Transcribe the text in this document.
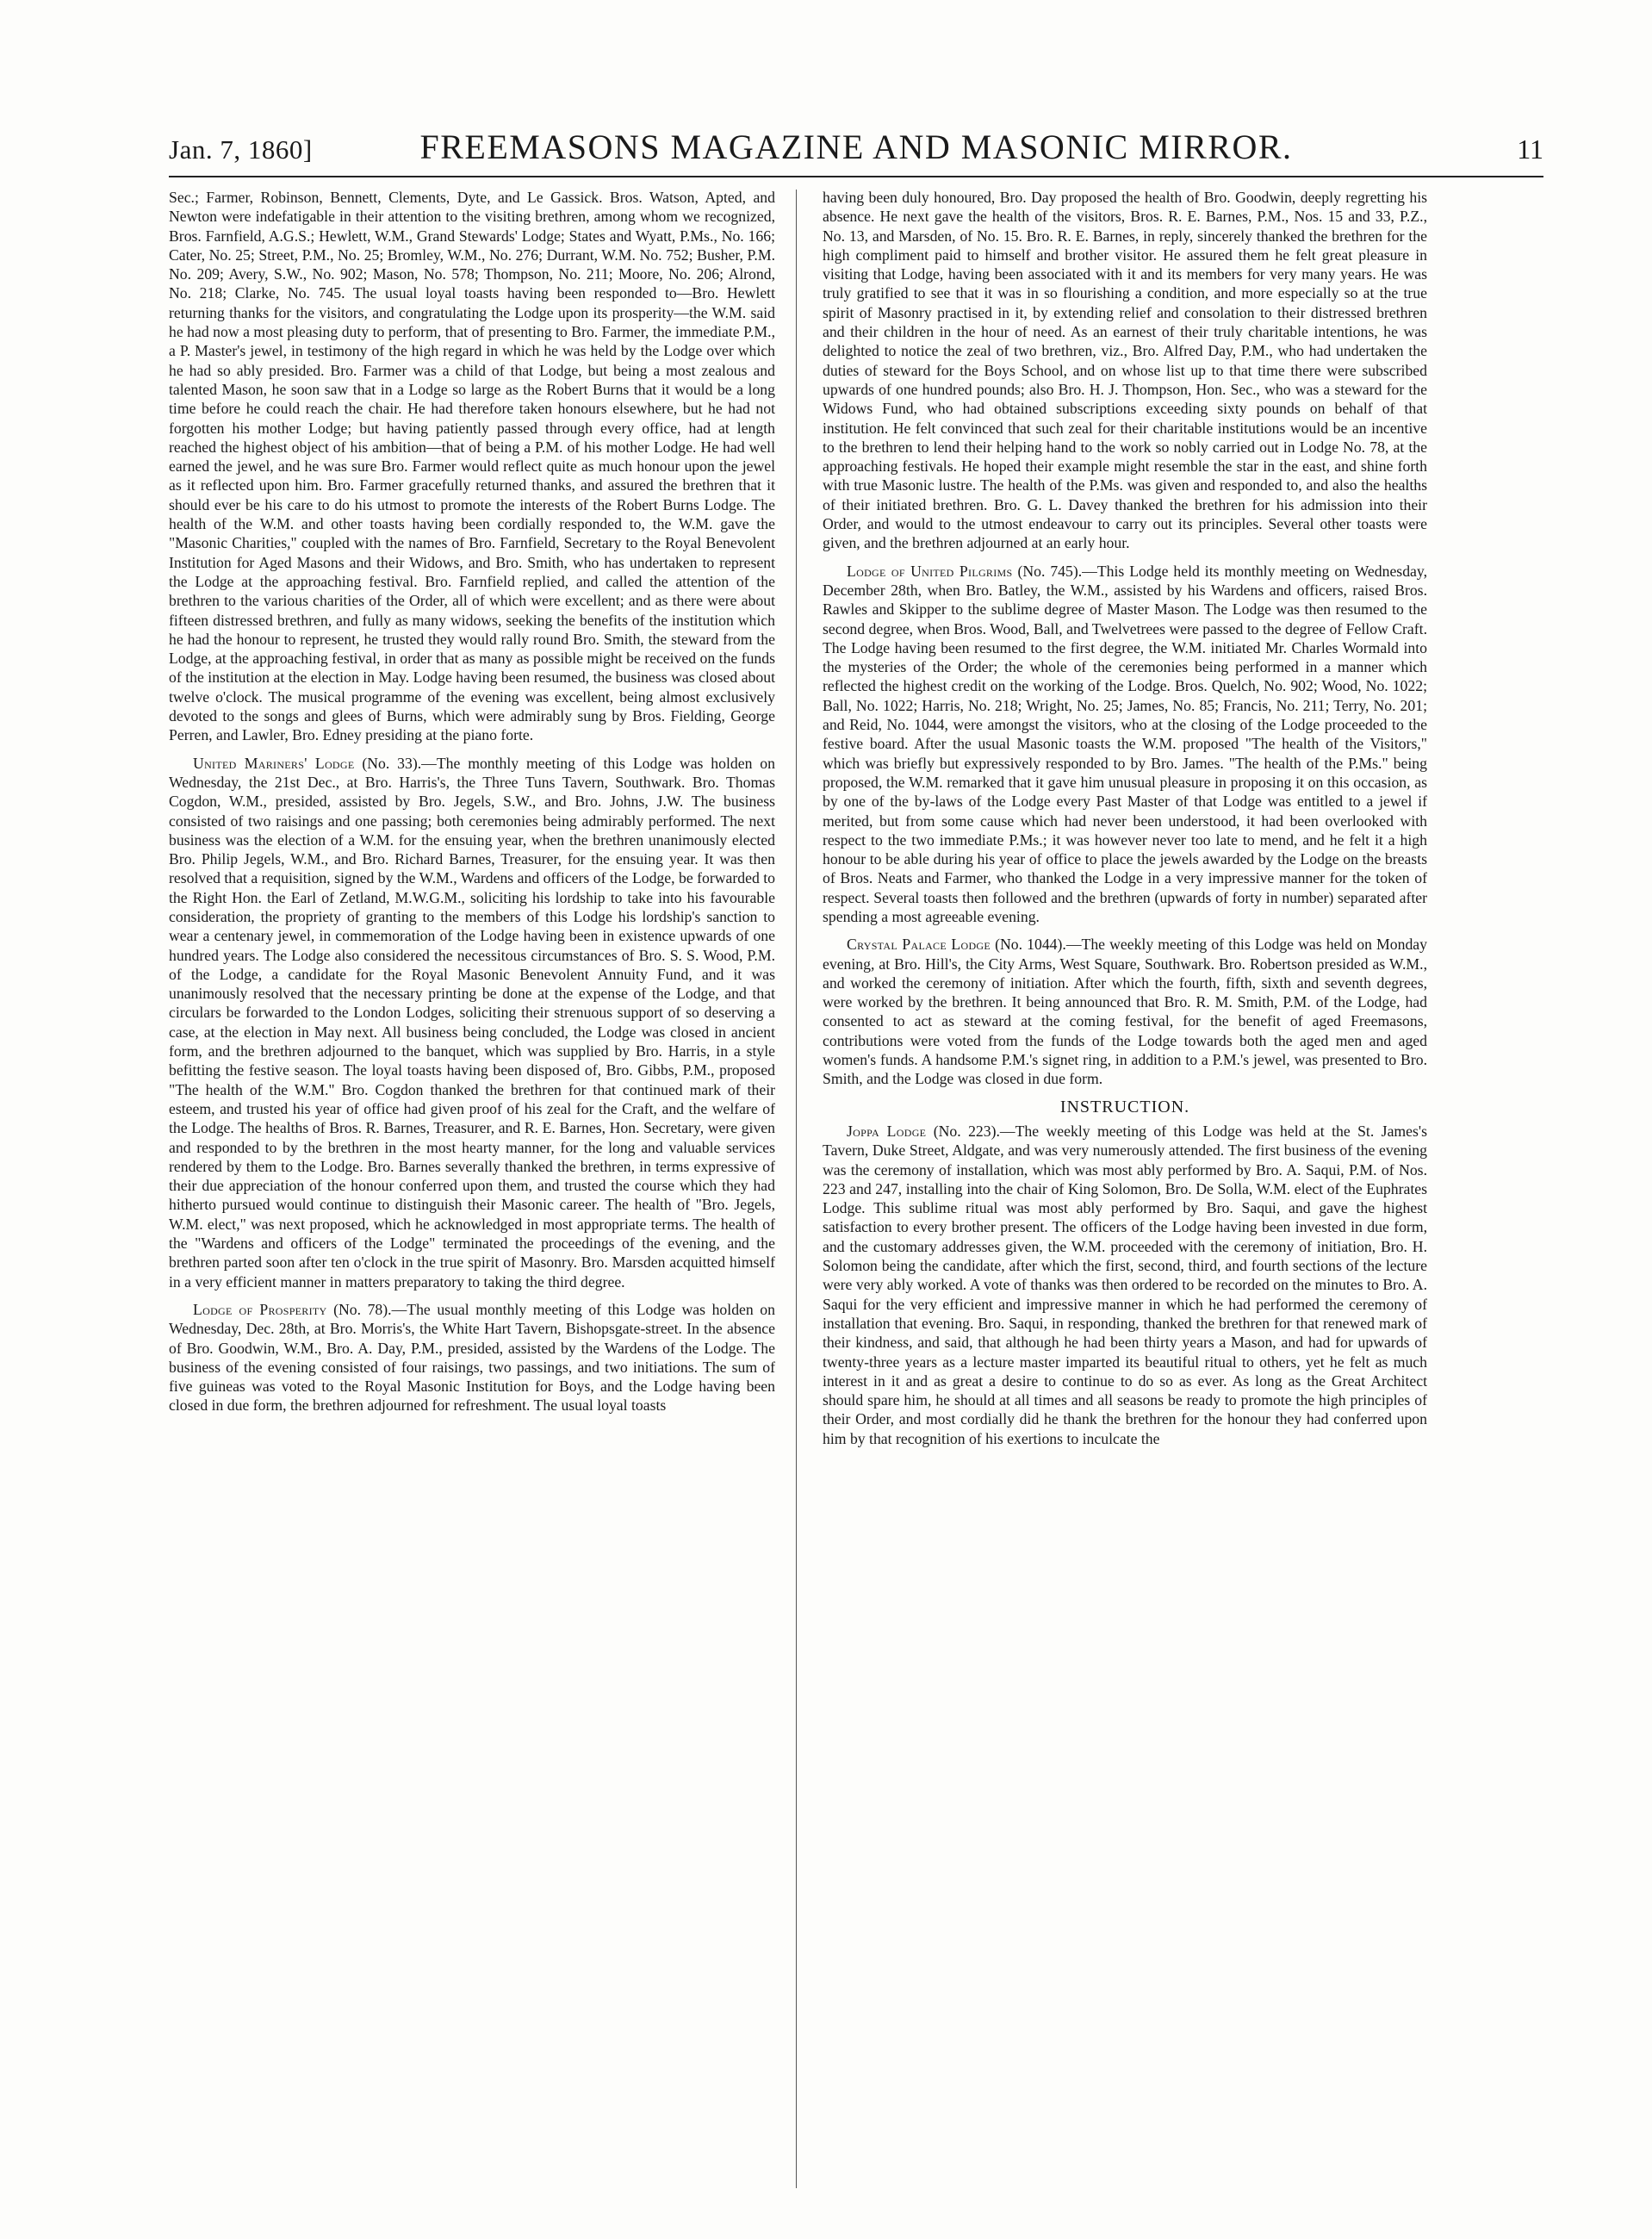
Jan. 7, 1860]	FREEMASONS MAGAZINE AND MASONIC MIRROR.	11

Sec.; Farmer, Robinson, Bennett, Clements, Dyte, and Le Gassick. Bros. Watson, Apted, and Newton were indefatigable in their attention to the visiting brethren, among whom we recognized, Bros. Farnfield, A.G.S.; Hewlett, W.M., Grand Stewards' Lodge; States and Wyatt, P.Ms., No. 166; Cater, No. 25; Street, P.M., No. 25; Bromley, W.M., No. 276; Durrant, W.M. No. 752; Busher, P.M. No. 209; Avery, S.W., No. 902; Mason, No. 578; Thompson, No. 211; Moore, No. 206; Alrond, No. 218; Clarke, No. 745. The usual loyal toasts having been responded to—Bro. Hewlett returning thanks for the visitors, and congratulating the Lodge upon its prosperity—the W.M. said he had now a most pleasing duty to perform, that of presenting to Bro. Farmer, the immediate P.M., a P. Master's jewel, in testimony of the high regard in which he was held by the Lodge over which he had so ably presided. Bro. Farmer was a child of that Lodge, but being a most zealous and talented Mason, he soon saw that in a Lodge so large as the Robert Burns that it would be a long time before he could reach the chair. He had therefore taken honours elsewhere, but he had not forgotten his mother Lodge; but having patiently passed through every office, had at length reached the highest object of his ambition—that of being a P.M. of his mother Lodge. He had well earned the jewel, and he was sure Bro. Farmer would reflect quite as much honour upon the jewel as it reflected upon him. Bro. Farmer gracefully returned thanks, and assured the brethren that it should ever be his care to do his utmost to promote the interests of the Robert Burns Lodge. The health of the W.M. and other toasts having been cordially responded to, the W.M. gave the "Masonic Charities," coupled with the names of Bro. Farnfield, Secretary to the Royal Benevolent Institution for Aged Masons and their Widows, and Bro. Smith, who has undertaken to represent the Lodge at the approaching festival. Bro. Farnfield replied, and called the attention of the brethren to the various charities of the Order, all of which were excellent; and as there were about fifteen distressed brethren, and fully as many widows, seeking the benefits of the institution which he had the honour to represent, he trusted they would rally round Bro. Smith, the steward from the Lodge, at the approaching festival, in order that as many as possible might be received on the funds of the institution at the election in May. Lodge having been resumed, the business was closed about twelve o'clock. The musical programme of the evening was excellent, being almost exclusively devoted to the songs and glees of Burns, which were admirably sung by Bros. Fielding, George Perren, and Lawler, Bro. Edney presiding at the piano forte.

United Mariners' Lodge (No. 33).—The monthly meeting of this Lodge was holden on Wednesday, the 21st Dec., at Bro. Harris's, the Three Tuns Tavern, Southwark. Bro. Thomas Cogdon, W.M., presided, assisted by Bro. Jegels, S.W., and Bro. Johns, J.W. The business consisted of two raisings and one passing; both ceremonies being admirably performed. The next business was the election of a W.M. for the ensuing year, when the brethren unanimously elected Bro. Philip Jegels, W.M., and Bro. Richard Barnes, Treasurer, for the ensuing year. It was then resolved that a requisition, signed by the W.M., Wardens and officers of the Lodge, be forwarded to the Right Hon. the Earl of Zetland, M.W.G.M., soliciting his lordship to take into his favourable consideration, the propriety of granting to the members of this Lodge his lordship's sanction to wear a centenary jewel, in commemoration of the Lodge having been in existence upwards of one hundred years. The Lodge also considered the necessitous circumstances of Bro. S. S. Wood, P.M. of the Lodge, a candidate for the Royal Masonic Benevolent Annuity Fund, and it was unanimously resolved that the necessary printing be done at the expense of the Lodge, and that circulars be forwarded to the London Lodges, soliciting their strenuous support of so deserving a case, at the election in May next. All business being concluded, the Lodge was closed in ancient form, and the brethren adjourned to the banquet, which was supplied by Bro. Harris, in a style befitting the festive season. The loyal toasts having been disposed of, Bro. Gibbs, P.M., proposed "The health of the W.M." Bro. Cogdon thanked the brethren for that continued mark of their esteem, and trusted his year of office had given proof of his zeal for the Craft, and the welfare of the Lodge. The healths of Bros. R. Barnes, Treasurer, and R. E. Barnes, Hon. Secretary, were given and responded to by the brethren in the most hearty manner, for the long and valuable services rendered by them to the Lodge. Bro. Barnes severally thanked the brethren, in terms expressive of their due appreciation of the honour conferred upon them, and trusted the course which they had hitherto pursued would continue to distinguish their Masonic career. The health of "Bro. Jegels, W.M. elect," was next proposed, which he acknowledged in most appropriate terms. The health of the "Wardens and officers of the Lodge" terminated the proceedings of the evening, and the brethren parted soon after ten o'clock in the true spirit of Masonry. Bro. Marsden acquitted himself in a very efficient manner in matters preparatory to taking the third degree.

Lodge of Prosperity (No. 78).—The usual monthly meeting of this Lodge was holden on Wednesday, Dec. 28th, at Bro. Morris's, the White Hart Tavern, Bishopsgate-street. In the absence of Bro. Goodwin, W.M., Bro. A. Day, P.M., presided, assisted by the Wardens of the Lodge. The business of the evening consisted of four raisings, two passings, and two initiations. The sum of five guineas was voted to the Royal Masonic Institution for Boys, and the Lodge having been closed in due form, the brethren adjourned for refreshment. The usual loyal toasts

having been duly honoured, Bro. Day proposed the health of Bro. Goodwin, deeply regretting his absence. He next gave the health of the visitors, Bros. R. E. Barnes, P.M., Nos. 15 and 33, P.Z., No. 13, and Marsden, of No. 15. Bro. R. E. Barnes, in reply, sincerely thanked the brethren for the high compliment paid to himself and brother visitor. He assured them he felt great pleasure in visiting that Lodge, having been associated with it and its members for very many years. He was truly gratified to see that it was in so flourishing a condition, and more especially so at the true spirit of Masonry practised in it, by extending relief and consolation to their distressed brethren and their children in the hour of need. As an earnest of their truly charitable intentions, he was delighted to notice the zeal of two brethren, viz., Bro. Alfred Day, P.M., who had undertaken the duties of steward for the Boys School, and on whose list up to that time there were subscribed upwards of one hundred pounds; also Bro. H. J. Thompson, Hon. Sec., who was a steward for the Widows Fund, who had obtained subscriptions exceeding sixty pounds on behalf of that institution. He felt convinced that such zeal for their charitable institutions would be an incentive to the brethren to lend their helping hand to the work so nobly carried out in Lodge No. 78, at the approaching festivals. He hoped their example might resemble the star in the east, and shine forth with true Masonic lustre. The health of the P.Ms. was given and responded to, and also the healths of their initiated brethren. Bro. G. L. Davey thanked the brethren for his admission into their Order, and would to the utmost endeavour to carry out its principles. Several other toasts were given, and the brethren adjourned at an early hour.

Lodge of United Pilgrims (No. 745).—This Lodge held its monthly meeting on Wednesday, December 28th, when Bro. Batley, the W.M., assisted by his Wardens and officers, raised Bros. Rawles and Skipper to the sublime degree of Master Mason. The Lodge was then resumed to the second degree, when Bros. Wood, Ball, and Twelvetrees were passed to the degree of Fellow Craft. The Lodge having been resumed to the first degree, the W.M. initiated Mr. Charles Wormald into the mysteries of the Order; the whole of the ceremonies being performed in a manner which reflected the highest credit on the working of the Lodge. Bros. Quelch, No. 902; Wood, No. 1022; Ball, No. 1022; Harris, No. 218; Wright, No. 25; James, No. 85; Francis, No. 211; Terry, No. 201; and Reid, No. 1044, were amongst the visitors, who at the closing of the Lodge proceeded to the festive board. After the usual Masonic toasts the W.M. proposed "The health of the Visitors," which was briefly but expressively responded to by Bro. James. "The health of the P.Ms." being proposed, the W.M. remarked that it gave him unusual pleasure in proposing it on this occasion, as by one of the by-laws of the Lodge every Past Master of that Lodge was entitled to a jewel if merited, but from some cause which had never been understood, it had been overlooked with respect to the two immediate P.Ms.; it was however never too late to mend, and he felt it a high honour to be able during his year of office to place the jewels awarded by the Lodge on the breasts of Bros. Neats and Farmer, who thanked the Lodge in a very impressive manner for the token of respect. Several toasts then followed and the brethren (upwards of forty in number) separated after spending a most agreeable evening.

Crystal Palace Lodge (No. 1044).—The weekly meeting of this Lodge was held on Monday evening, at Bro. Hill's, the City Arms, West Square, Southwark. Bro. Robertson presided as W.M., and worked the ceremony of initiation. After which the fourth, fifth, sixth and seventh degrees, were worked by the brethren. It being announced that Bro. R. M. Smith, P.M. of the Lodge, had consented to act as steward at the coming festival, for the benefit of aged Freemasons, contributions were voted from the funds of the Lodge towards both the aged men and aged women's funds. A handsome P.M.'s signet ring, in addition to a P.M.'s jewel, was presented to Bro. Smith, and the Lodge was closed in due form.

INSTRUCTION.

Joppa Lodge (No. 223).—The weekly meeting of this Lodge was held at the St. James's Tavern, Duke Street, Aldgate, and was very numerously attended. The first business of the evening was the ceremony of installation, which was most ably performed by Bro. A. Saqui, P.M. of Nos. 223 and 247, installing into the chair of King Solomon, Bro. De Solla, W.M. elect of the Euphrates Lodge. This sublime ritual was most ably performed by Bro. Saqui, and gave the highest satisfaction to every brother present. The officers of the Lodge having been invested in due form, and the customary addresses given, the W.M. proceeded with the ceremony of initiation, Bro. H. Solomon being the candidate, after which the first, second, third, and fourth sections of the lecture were very ably worked. A vote of thanks was then ordered to be recorded on the minutes to Bro. A. Saqui for the very efficient and impressive manner in which he had performed the ceremony of installation that evening. Bro. Saqui, in responding, thanked the brethren for that renewed mark of their kindness, and said, that although he had been thirty years a Mason, and had for upwards of twenty-three years as a lecture master imparted its beautiful ritual to others, yet he felt as much interest in it and as great a desire to continue to do so as ever. As long as the Great Architect should spare him, he should at all times and all seasons be ready to promote the high principles of their Order, and most cordially did he thank the brethren for the honour they had conferred upon him by that recognition of his exertions to inculcate the
